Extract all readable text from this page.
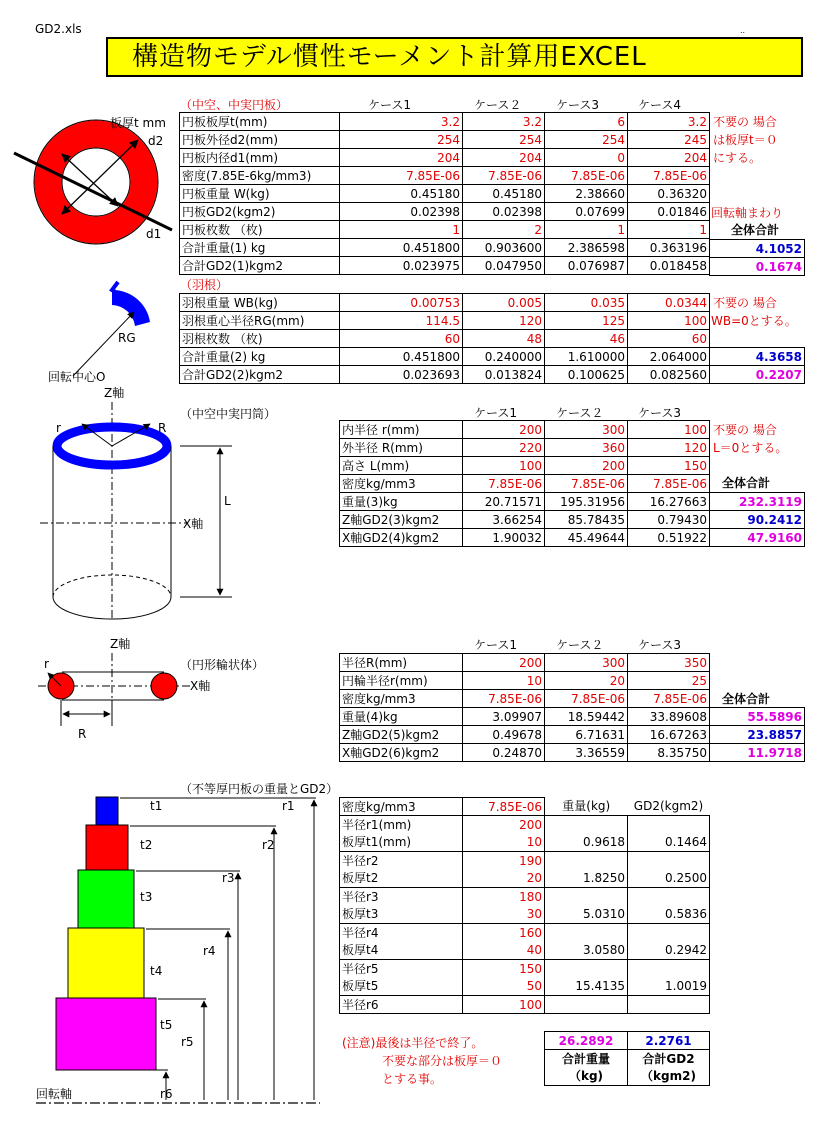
GD2.xls	..
構造物モデル慣性モーメント計算用EXCEL
（中空、中実円板）	ケース1	ケース２	ケース3	ケース4
円板板厚t(mm)	3.2	3.2	6	3.2
円板外径d2(mm)	254	254	254	245
円板内径d1(mm)	204	204	0	204
密度(7.85E-6kg/mm3)	7.85E-06	7.85E-06	7.85E-06	7.85E-06
円板重量 W(kg)	0.45180	0.45180	2.38660	0.36320
円板GD2(kgm2)	0.02398	0.02398	0.07699	0.01846
円板枚数 （枚)	1	2	1	1
合計重量(1) kg	0.451800	0.903600	2.386598	0.363196
合計GD2(1)kgm2	0.023975	0.047950	0.076987	0.018458
不要の 場合
は板厚t＝０
にする。
回転軸まわり
全体合計
4.1052
0.1674
（羽根）
羽根重量 WB(kg)	0.00753	0.005	0.035	0.0344
羽根重心半径RG(mm)	114.5	120	125	100
羽根枚数 （枚)	60	48	46	60
合計重量(2) kg	0.451800	0.240000	1.610000	2.064000
合計GD2(2)kgm2	0.023693	0.013824	0.100625	0.082560
不要の 場合
WB=0とする。
4.3658
0.2207
（中空中実円筒）	ケース1	ケース２	ケース3
内半径 r(mm)	200	300	100
外半径 R(mm)	220	360	120
高さ L(mm)	100	200	150
密度kg/mm3	7.85E-06	7.85E-06	7.85E-06
重量(3)kg	20.71571	195.31956	16.27663
Z軸GD2(3)kgm2	3.66254	85.78435	0.79430
X軸GD2(4)kgm2	1.90032	45.49644	0.51922
不要の 場合
L＝0とする。
全体合計
232.3119
90.2412
47.9160
（円形輪状体）
ケース1	ケース２	ケース3
半径R(mm)	200	300	350
円輪半径r(mm)	10	20	25
密度kg/mm3	7.85E-06	7.85E-06	7.85E-06
重量(4)kg	3.09907	18.59442	33.89608
Z軸GD2(5)kgm2	0.49678	6.71631	16.67263
X軸GD2(6)kgm2	0.24870	3.36559	8.35750
全体合計
55.5896
23.8857
11.9718
（不等厚円板の重量とGD2）
密度kg/mm3	7.85E-06	重量(kg)	GD2(kgm2)
半径r1(mm)	200		
板厚t1(mm)	10	0.9618	0.1464
半径r2	190		
板厚t2	20	1.8250	0.2500
半径r3	180		
板厚t3	30	5.0310	0.5836
半径r4	160		
板厚t4	40	3.0580	0.2942
半径r5	150		
板厚t5	50	15.4135	1.0019
半径r6	100		
(注意)最後は半径で終了。
不要な部分は板厚＝０
とする事。
26.2892	2.2761
合計重量	合計GD2
（kg)	（kgm2)
板厚t mm
d2
d1
RG
回転中心O
Z軸
X軸
r	R
L
Z軸
X軸
r
R
t1
t2
t3
t4
t5
r1
r2
r3
r4
r5
r6
回転軸
